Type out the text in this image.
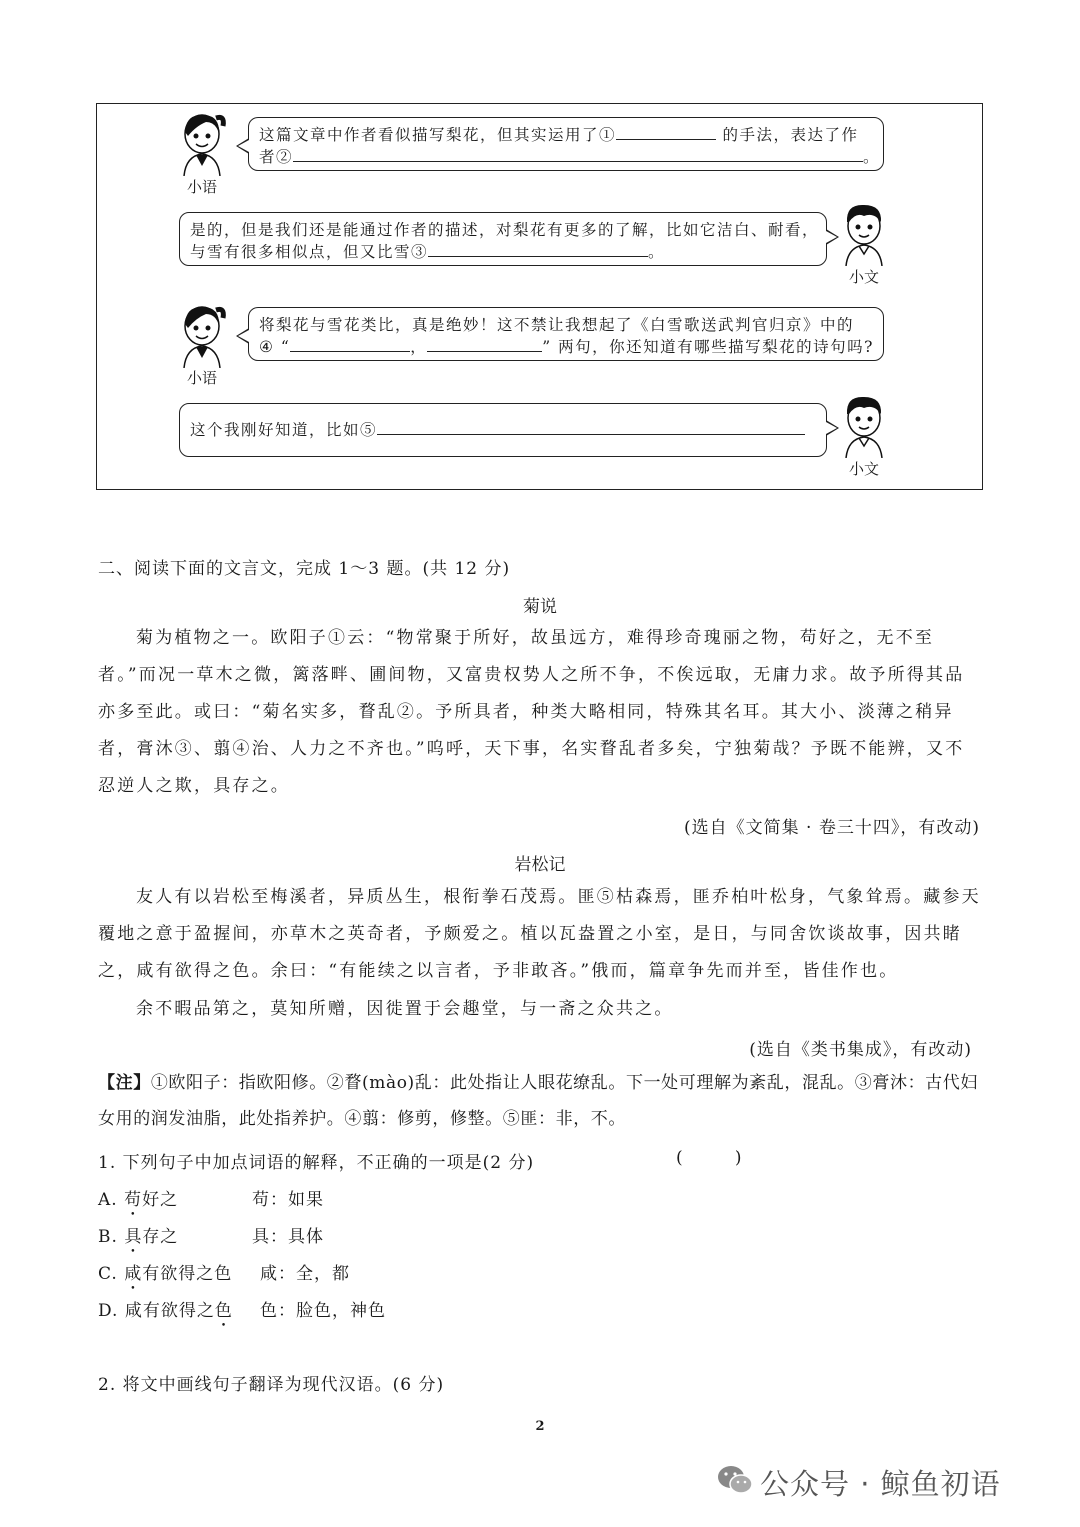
小语
这篇文章中作者看似描写梨花，但其实运用了①	的手法，表达了作
者②	。
是的，但是我们还是能通过作者的描述，对梨花有更多的了解，比如它洁白、耐看，
与雪有很多相似点，但又比雪③	。
小文
小语
将梨花与雪花类比，真是绝妙！这不禁让我想起了《白雪歌送武判官归京》中的
④ “	，	” 两句，你还知道有哪些描写梨花的诗句吗?
这个我刚好知道，比如⑤
小文
二、阅读下面的文言文，完成 1～3 题。(共 12 分)
菊说
菊为植物之一。欧阳子①云：“物常聚于所好，故虽远方，难得珍奇瑰丽之物，苟好之，无不至者。”而况一草木之微，篱落畔、圃间物，又富贵权势人之所不争，不俟远取，无庸力求。故予所得其品亦多至此。或曰：“菊名实多，瞀乱②。予所具者，种类大略相同，特殊其名耳。其大小、淡薄之稍异者，膏沐③、翦④治、人力之不齐也。”呜呼，天下事，名实瞀乱者多矣，宁独菊哉？予既不能辨，又不忍逆人之欺，具存之。
(选自《文简集 · 卷三十四》，有改动)
岩松记
友人有以岩松至梅溪者，异质丛生，根衔拳石茂焉。匪⑤枯森焉，匪乔柏叶松身，气象耸焉。藏参天覆地之意于盈握间，亦草木之英奇者，予颇爱之。植以瓦盎置之小室，是日，与同舍饮谈故事，因共睹之，咸有欲得之色。余曰：“有能续之以言者，予非敢吝。”俄而，篇章争先而并至，皆佳作也。
余不暇品第之，莫知所赠，因徙置于会趣堂，与一斋之众共之。
(选自《类书集成》，有改动)
【注】①欧阳子：指欧阳修。②瞀(mào)乱：此处指让人眼花缭乱。下一处可理解为紊乱，混乱。③膏沐：古代妇女用的润发油脂，此处指养护。④翦：修剪，修整。⑤匪：非，不。
1. 下列句子中加点词语的解释，不正确的一项是(2 分)	(        )
A. 苟好之	苟：如果
B. 具存之	具：具体
C. 咸有欲得之色 咸：全，都
D. 咸有欲得之色 色：脸色，神色
2. 将文中画线句子翻译为现代汉语。(6 分)
2
公众号 · 鲸鱼初语
